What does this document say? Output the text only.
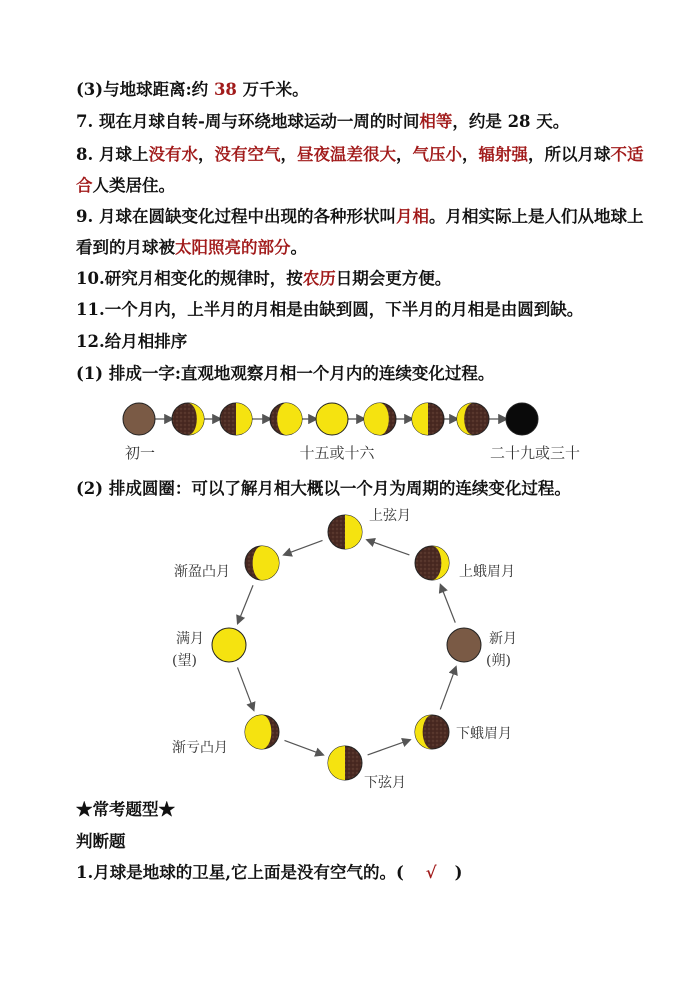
(3)与地球距离:约 38 万千米。
7. 现在月球自转-周与环绕地球运动一周的时间相等，约是 28 天。
8. 月球上没有水，没有空气，昼夜温差很大，气压小，辐射强，所以月球不适
合人类居住。
9. 月球在圆缺变化过程中出现的各种形状叫月相。月相实际上是人们从地球上
看到的月球被太阳照亮的部分。
10.研究月相变化的规律时，按农历日期会更方便。
11.一个月内，上半月的月相是由缺到圆，下半月的月相是由圆到缺。
12.给月相排序
(1) 排成一字:直观地观察月相一个月内的连续变化过程。
初一	十五或十六	二十九或三十
(2) 排成圆圈：可以了解月相大概以一个月为周期的连续变化过程。
上弦月
上蛾眉月
新月
(朔)
下蛾眉月
下弦月
渐亏凸月
满月
(望)
渐盈凸月
★常考题型★
判断题
1.月球是地球的卫星,它上面是没有空气的。( √ )
